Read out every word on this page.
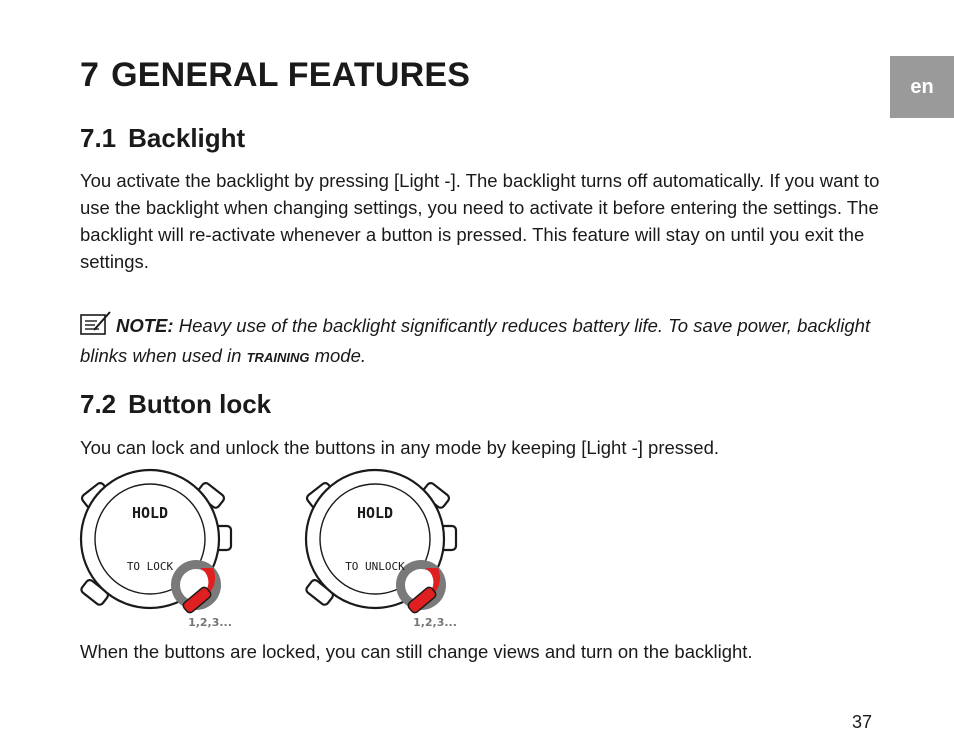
en
7 GENERAL FEATURES
7.1 Backlight

You activate the backlight by pressing [Light -]. The backlight turns off automatically. If you want to use the backlight when changing settings, you need to activate it before entering the settings. The backlight will re-activate whenever a button is pressed. This feature will stay on until you exit the settings.

NOTE: Heavy use of the backlight significantly reduces battery life. To save power, backlight blinks when used in TRAINING mode.

7.2 Button lock

You can lock and unlock the buttons in any mode by keeping [Light -] pressed.

HOLD
TO LOCK
1,2,3...
HOLD
TO UNLOCK
1,2,3...

When the buttons are locked, you can still change views and turn on the backlight.

37
